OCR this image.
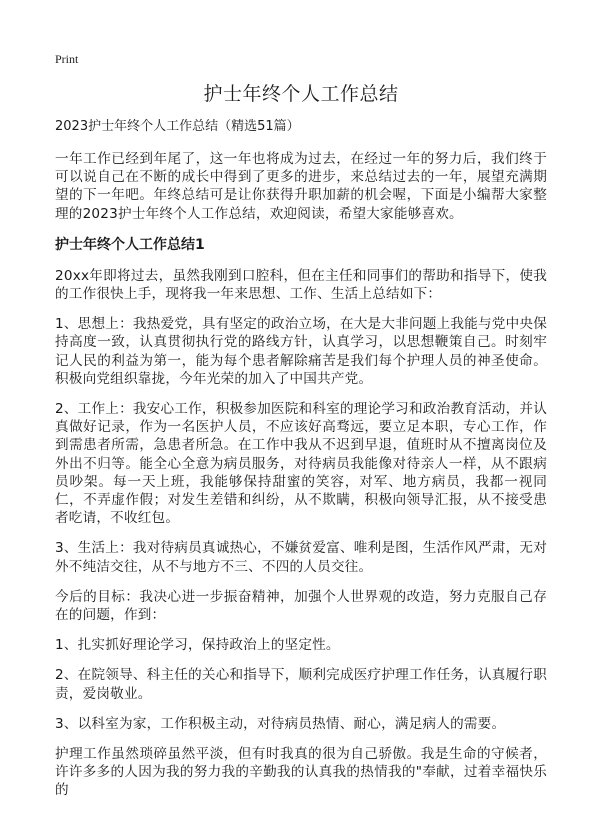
Print
护士年终个人工作总结
2023护士年终个人工作总结（精选51篇）

一年工作已经到年尾了，这一年也将成为过去，在经过一年的努力后，我们终于可以说自己在不断的成长中得到了更多的进步，来总结过去的一年，展望充满期望的下一年吧。年终总结可是让你获得升职加薪的机会喔，下面是小编帮大家整理的2023护士年终个人工作总结，欢迎阅读，希望大家能够喜欢。

护士年终个人工作总结1

20xx年即将过去，虽然我刚到口腔科，但在主任和同事们的帮助和指导下，使我的工作很快上手，现将我一年来思想、工作、生活上总结如下：

1、思想上：我热爱党，具有坚定的政治立场，在大是大非问题上我能与党中央保持高度一致，认真贯彻执行党的路线方针，认真学习，以思想鞭策自己。时刻牢记人民的利益为第一，能为每个患者解除痛苦是我们每个护理人员的神圣使命。积极向党组织靠拢，今年光荣的加入了中国共产党。

2、工作上：我安心工作，积极参加医院和科室的理论学习和政治教育活动，并认真做好记录，作为一名医护人员，不应该好高骛远，要立足本职，专心工作，作到需患者所需，急患者所急。在工作中我从不迟到早退，值班时从不擅离岗位及外出不归等。能全心全意为病员服务，对待病员我能像对待亲人一样，从不跟病员吵架。每一天上班，我能够保持甜蜜的笑容，对军、地方病员，我都一视同仁，不弄虚作假；对发生差错和纠纷，从不欺瞒，积极向领导汇报，从不接受患者吃请，不收红包。

3、生活上：我对待病员真诚热心，不嫌贫爱富、唯利是图，生活作风严肃，无对外不纯洁交往，从不与地方不三、不四的人员交往。

今后的目标：我决心进一步振奋精神，加强个人世界观的改造，努力克服自己存在的问题，作到：

1、扎实抓好理论学习，保持政治上的坚定性。

2、在院领导、科主任的关心和指导下，顺利完成医疗护理工作任务，认真履行职责，爱岗敬业。

3、以科室为家，工作积极主动，对待病员热情、耐心，满足病人的需要。

护理工作虽然琐碎虽然平淡，但有时我真的很为自己骄傲。我是生命的守候者，许许多多的人因为我的努力我的辛勤我的认真我的热情我的"奉献，过着幸福快乐的
